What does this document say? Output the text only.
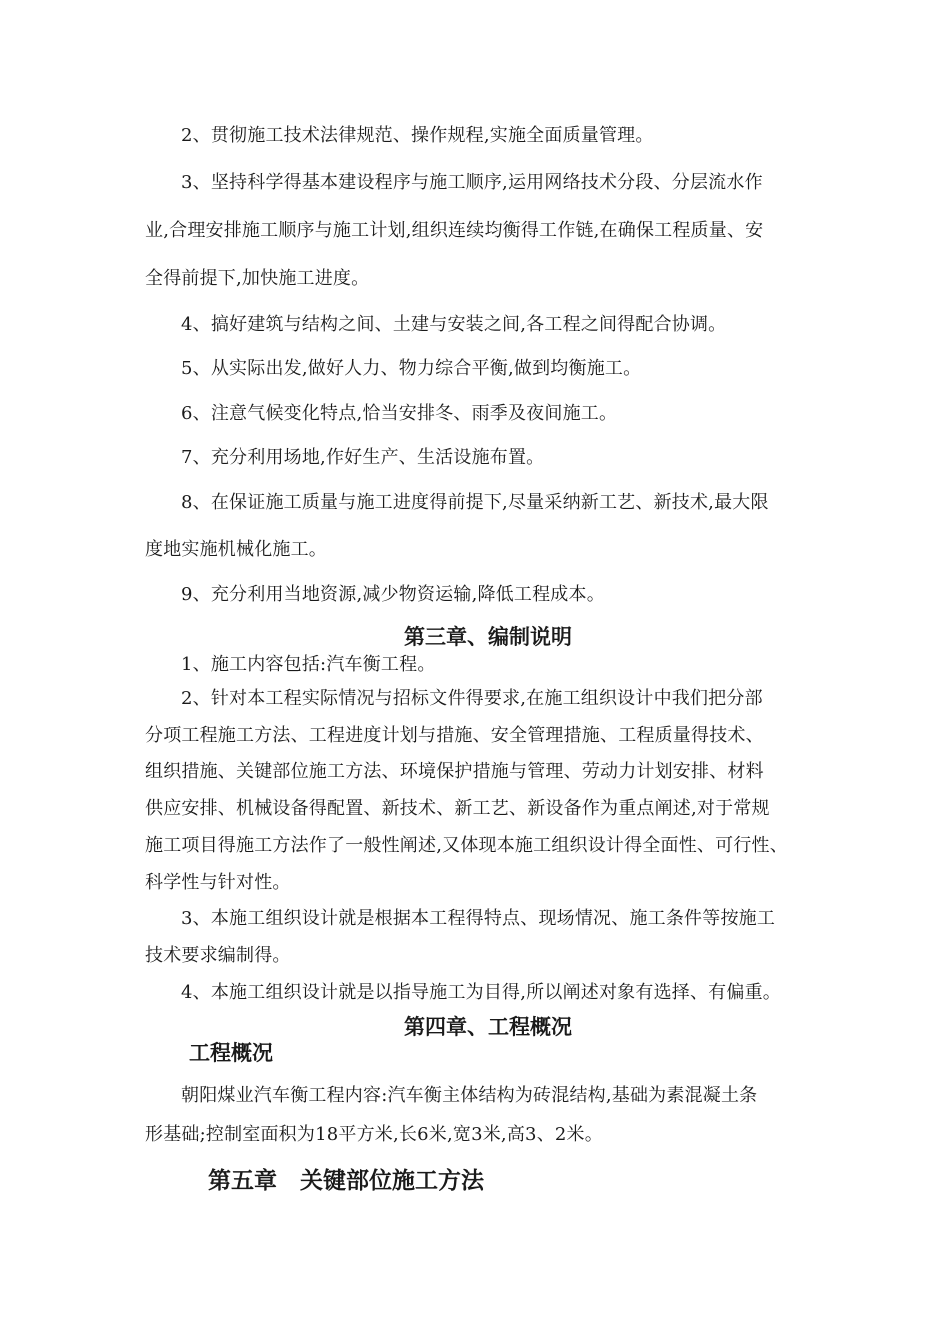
2、贯彻施工技术法律规范、操作规程,实施全面质量管理。
3、坚持科学得基本建设程序与施工顺序,运用网络技术分段、分层流水作
业,合理安排施工顺序与施工计划,组织连续均衡得工作链,在确保工程质量、安
全得前提下,加快施工进度。
4、搞好建筑与结构之间、土建与安装之间,各工程之间得配合协调。
5、从实际出发,做好人力、物力综合平衡,做到均衡施工。
6、注意气候变化特点,恰当安排冬、雨季及夜间施工。
7、充分利用场地,作好生产、生活设施布置。
8、在保证施工质量与施工进度得前提下,尽量采纳新工艺、新技术,最大限
度地实施机械化施工。
9、充分利用当地资源,减少物资运输,降低工程成本。
第三章、编制说明
1、施工内容包括:汽车衡工程。
2、针对本工程实际情况与招标文件得要求,在施工组织设计中我们把分部
分项工程施工方法、工程进度计划与措施、安全管理措施、工程质量得技术、
组织措施、关键部位施工方法、环境保护措施与管理、劳动力计划安排、材料
供应安排、机械设备得配置、新技术、新工艺、新设备作为重点阐述,对于常规
施工项目得施工方法作了一般性阐述,又体现本施工组织设计得全面性、可行性、
科学性与针对性。
3、本施工组织设计就是根据本工程得特点、现场情况、施工条件等按施工
技术要求编制得。
4、本施工组织设计就是以指导施工为目得,所以阐述对象有选择、有偏重。
第四章、工程概况
工程概况
朝阳煤业汽车衡工程内容:汽车衡主体结构为砖混结构,基础为素混凝土条
形基础;控制室面积为18平方米,长6米,宽3米,高3、2米。
第五章　关键部位施工方法
